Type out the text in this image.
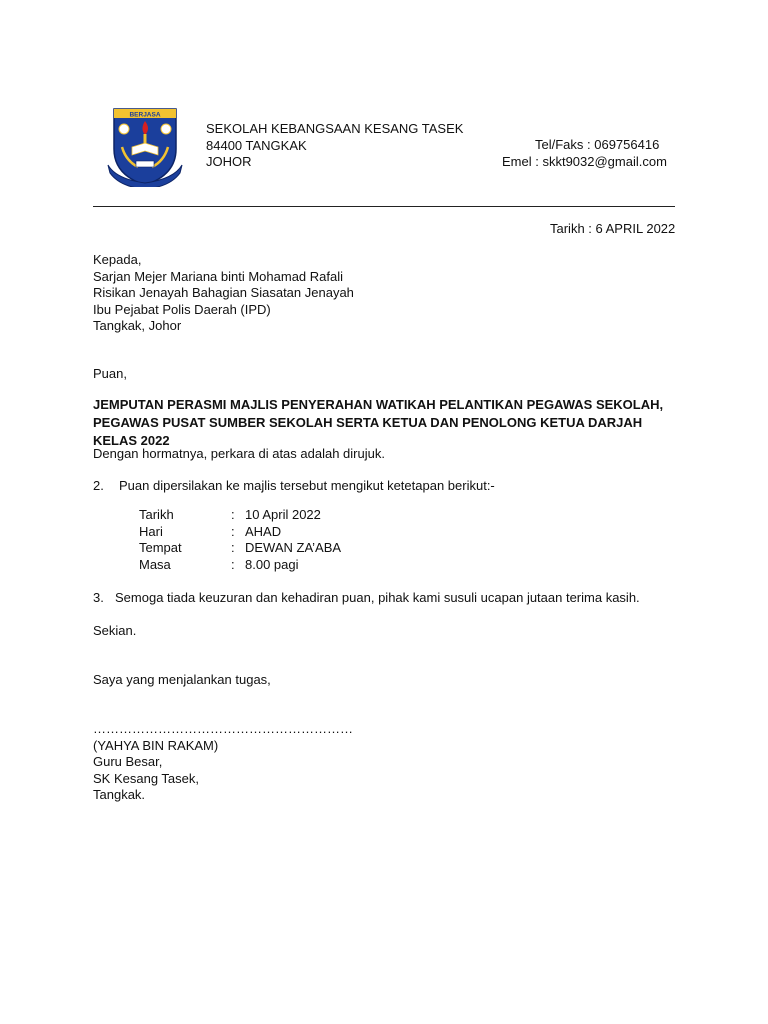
BERJASA
SEKOLAH KEBANGSAAN KESANG TASEK
84400 TANGKAK
JOHOR
Tel/Faks : 069756416
Emel : skkt9032@gmail.com
Tarikh : 6 APRIL 2022
Kepada,
Sarjan Mejer Mariana binti Mohamad Rafali
Risikan Jenayah Bahagian Siasatan Jenayah
Ibu Pejabat Polis Daerah (IPD)
Tangkak, Johor
Puan,
JEMPUTAN PERASMI MAJLIS PENYERAHAN WATIKAH PELANTIKAN PEGAWAS SEKOLAH, PEGAWAS PUSAT SUMBER SEKOLAH SERTA KETUA DAN PENOLONG KETUA DARJAH KELAS 2022
Dengan hormatnya, perkara di atas adalah dirujuk.
2. Puan dipersilakan ke majlis tersebut mengikut ketetapan berikut:-
Tarikh	: 10 April 2022
Hari	: AHAD
Tempat	: DEWAN ZA’ABA
Masa	: 8.00 pagi
3. Semoga tiada keuzuran dan kehadiran puan, pihak kami susuli ucapan jutaan terima kasih.
Sekian.
Saya yang menjalankan tugas,
……………………………………………………
(YAHYA BIN RAKAM)
Guru Besar,
SK Kesang Tasek,
Tangkak.
